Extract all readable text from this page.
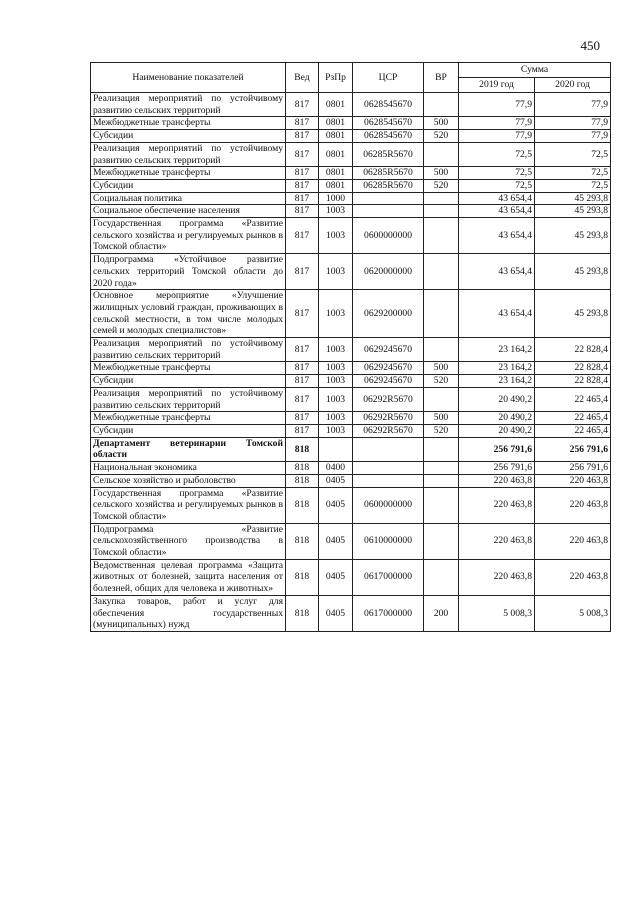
450
Наименование показателей	Вед	РзПр	ЦСР	ВР	Сумма	
					2019 год	2020 год
Реализация мероприятий по устойчивому развитию сельских территорий	817	0801	0628545670		77,9	77,9
Межбюджетные трансферты	817	0801	0628545670	500	77,9	77,9
Субсидии	817	0801	0628545670	520	77,9	77,9
Реализация мероприятий по устойчивому развитию сельских территорий	817	0801	06285R5670		72,5	72,5
Межбюджетные трансферты	817	0801	06285R5670	500	72,5	72,5
Субсидии	817	0801	06285R5670	520	72,5	72,5
Социальная политика	817	1000			43 654,4	45 293,8
Социальное обеспечение населения	817	1003			43 654,4	45 293,8
Государственная программа «Развитие сельского хозяйства и регулируемых рынков в Томской области»	817	1003	0600000000		43 654,4	45 293,8
Подпрограмма «Устойчивое развитие сельских территорий Томской области до 2020 года»	817	1003	0620000000		43 654,4	45 293,8
Основное мероприятие «Улучшение жилищных условий граждан, проживающих в сельской местности, в том числе молодых семей и молодых специалистов»	817	1003	0629200000		43 654,4	45 293,8
Реализация мероприятий по устойчивому развитию сельских территорий	817	1003	0629245670		23 164,2	22 828,4
Межбюджетные трансферты	817	1003	0629245670	500	23 164,2	22 828,4
Субсидии	817	1003	0629245670	520	23 164,2	22 828,4
Реализация мероприятий по устойчивому развитию сельских территорий	817	1003	06292R5670		20 490,2	22 465,4
Межбюджетные трансферты	817	1003	06292R5670	500	20 490,2	22 465,4
Субсидии	817	1003	06292R5670	520	20 490,2	22 465,4
Департамент ветеринарии Томской области	818				256 791,6	256 791,6
Национальная экономика	818	0400			256 791,6	256 791,6
Сельское хозяйство и рыболовство	818	0405			220 463,8	220 463,8
Государственная программа «Развитие сельского хозяйства и регулируемых рынков в Томской области»	818	0405	0600000000		220 463,8	220 463,8
Подпрограмма «Развитие сельскохозяйственного производства в Томской области»	818	0405	0610000000		220 463,8	220 463,8
Ведомственная целевая программа «Защита животных от болезней, защита населения от болезней, общих для человека и животных»	818	0405	0617000000		220 463,8	220 463,8
Закупка товаров, работ и услуг для обеспечения государственных (муниципальных) нужд	818	0405	0617000000	200	5 008,3	5 008,3
